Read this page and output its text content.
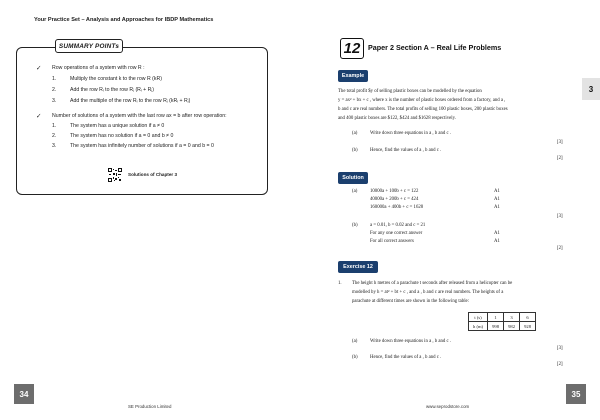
Your Practice Set – Analysis and Approaches for IBDP Mathematics
SUMMARY POINTs
✓ Row operations of a system with row R :
1.	Multiply the constant k to the row R (kR)
2.	Add the row Rᵢ to the row Rⱼ (Rᵢ + Rⱼ)
3.	Add the multiple of the row Rᵢ to the row Rⱼ (kRᵢ + Rⱼ)
✓ Number of solutions of a system with the last row ax = b after row operation:
1.	The system has a unique solution if a ≠ 0
2.	The system has no solution if a = 0 and b ≠ 0
3.	The system has infinitely number of solutions if a = 0 and b = 0
Solutions of Chapter 3
34
SE Production Limited
12	Paper 2 Section A – Real Life Problems
3
Example
The total profit $y of selling plastic boxes can be modelled by the equation
y = ax² + bx + c , where x is the number of plastic boxes ordered from a factory, and a ,
b and c are real numbers. The total profits of selling 100 plastic boxes, 200 plastic boxes
and 400 plastic boxes are $122, $424 and $1628 respectively.
(a)	Write down three equations in a , b and c .
[3]
(b)	Hence, find the values of a , b and c .
[2]
Solution
(a)	10000a + 100b + c = 122	A1
40000a + 200b + c = 424	A1
160000a + 400b + c = 1628	A1
[3]
(b)	a = 0.01, b = 0.02 and c = 21
For any one correct answer	A1
For all correct answers	A1
[2]
Exercise 12
1. The height h metres of a parachute t seconds after released from a helicopter can be
modelled by h = at² + bt + c , and a , b and c are real numbers. The heights of a
parachute at different times are shown in the following table:
t (s)	1	3	6
h (m)	998	982	928
(a)	Write down three equations in a , b and c .
[3]
(b)	Hence, find the values of a , b and c .
[2]
35
www.seprodstore.com
